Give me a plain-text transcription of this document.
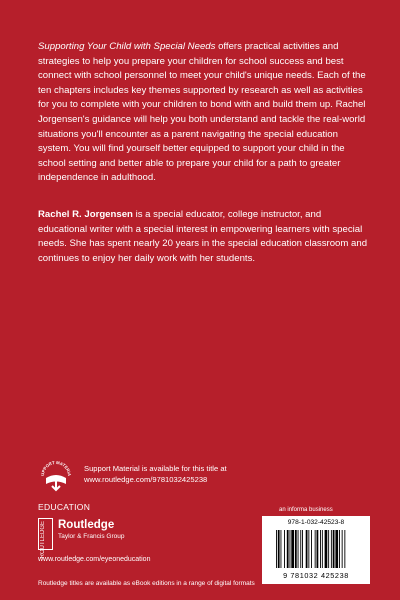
Supporting Your Child with Special Needs offers practical activities and strategies to help you prepare your children for school success and best connect with school personnel to meet your child's unique needs. Each of the ten chapters includes key themes supported by research as well as activities for you to complete with your children to bond with and build them up. Rachel Jorgensen's guidance will help you both understand and tackle the real-world situations you'll encounter as a parent navigating the special education system. You will find yourself better equipped to support your child in the school setting and better able to prepare your child for a path to greater independence in adulthood.
Rachel R. Jorgensen is a special educator, college instructor, and educational writer with a special interest in empowering learners with special needs. She has spent nearly 20 years in the special education classroom and continues to enjoy her daily work with her students.
UPPORT MATERIA
Support Material is available for this title at
www.routledge.com/9781032425238
EDUCATION
ROUTLEDGE Routledge
Taylor & Francis Group
www.routledge.com/eyeoneducation
Routledge titles are available as eBook editions in a range of digital formats
an informa business
978-1-032-42523-8
9 781032 425238
